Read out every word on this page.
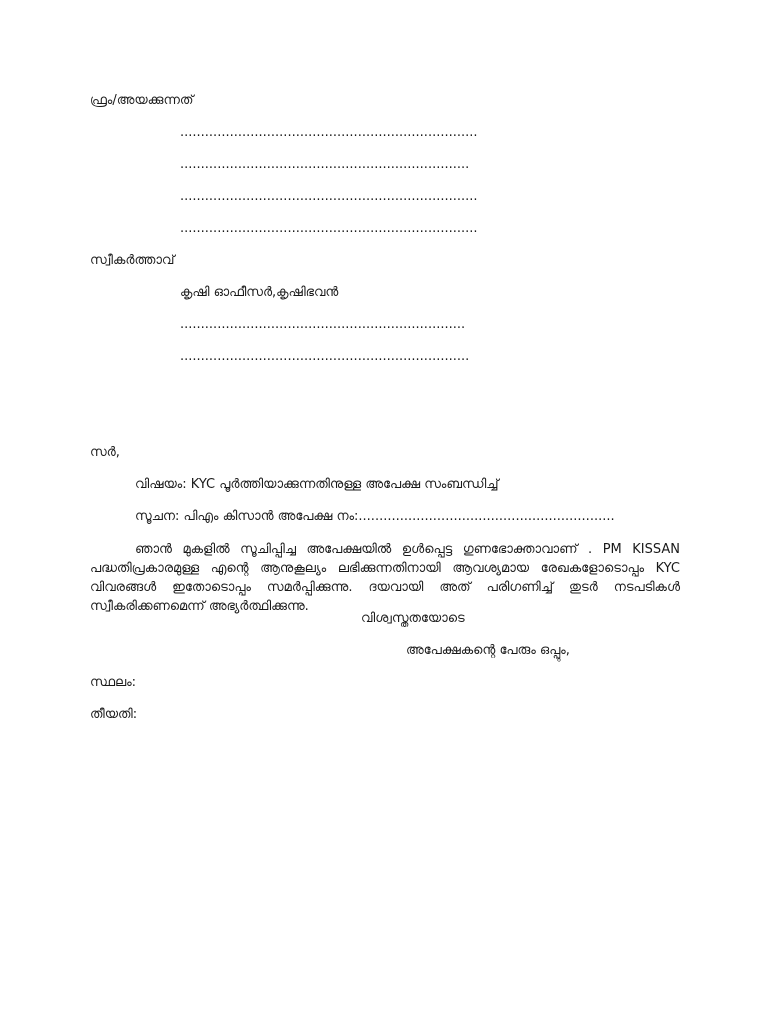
ഫ്രം/അയക്കുന്നത്
........................................................................
......................................................................
........................................................................
........................................................................
സ്വീകർത്താവ്
കൃഷി ഓഫീസർ,കൃഷിഭവൻ
.....................................................................
......................................................................
സർ,
വിഷയം: KYC പൂർത്തിയാക്കുന്നതിനുള്ള അപേക്ഷ സംബന്ധിച്ച്
സൂചന: പിഎം കിസാൻ അപേക്ഷ നം:..............................................................
ഞാൻ മുകളിൽ സൂചിപ്പിച്ച അപേക്ഷയിൽ ഉൾപ്പെട്ട ഗുണഭോക്താവാണ് . PM KISSAN പദ്ധതിപ്രകാരമുള്ള എന്റെ ആനുകൂല്യം ലഭിക്കുന്നതിനായി ആവശ്യമായ രേഖകളോടൊപ്പം KYC വിവരങ്ങൾ ഇതോടൊപ്പം സമർപ്പിക്കുന്നു. ദയവായി അത് പരിഗണിച്ച് തുടർ നടപടികൾ സ്വീകരിക്കണമെന്ന് അഭ്യർത്ഥിക്കുന്നു.
വിശ്വസ്തതയോടെ
അപേക്ഷകന്റെ പേരും ഒപ്പും,
സ്ഥലം:
തീയതി:
